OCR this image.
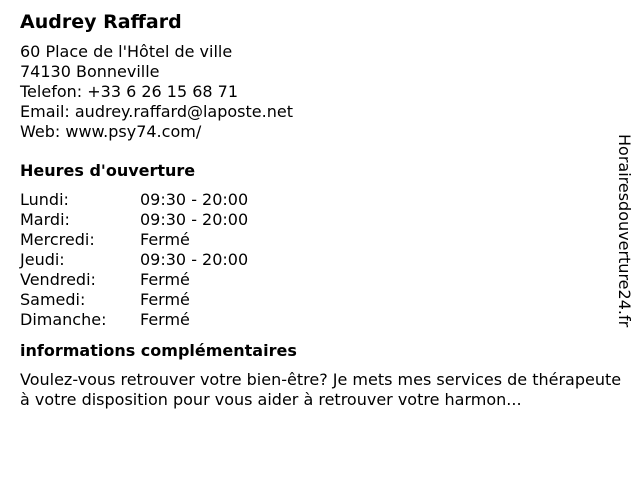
Audrey Raffard
60 Place de l'Hôtel de ville
74130 Bonneville
Telefon: +33 6 26 15 68 71
Email: audrey.raffard@laposte.net
Web: www.psy74.com/
Heures d'ouverture
Lundi:	09:30 - 20:00
Mardi:	09:30 - 20:00
Mercredi:	Fermé
Jeudi:	09:30 - 20:00
Vendredi:	Fermé
Samedi:	Fermé
Dimanche:	Fermé
informations complémentaires
Voulez-vous retrouver votre bien-être? Je mets mes services de thérapeute à votre disposition pour vous aider à retrouver votre harmon...
Horairesdouverture24.fr
